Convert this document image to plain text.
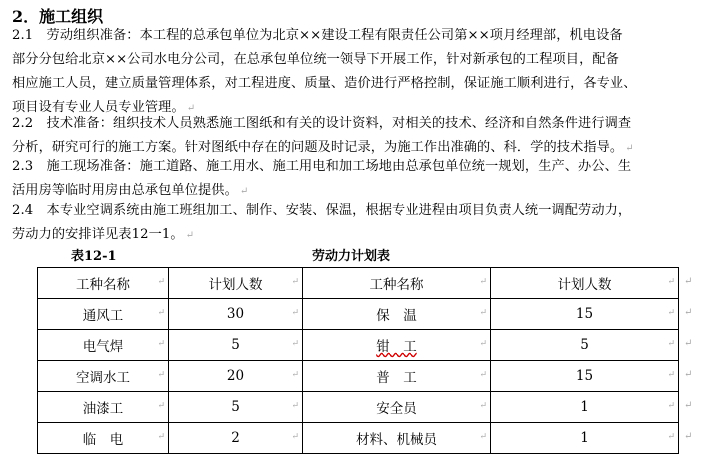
2．施工组织
2.1　劳动组织准备：本工程的总承包单位为北京××建设工程有限责任公司第××项月经理部，机电设备
部分分包给北京××公司水电分公司，在总承包单位统一领导下开展工作，针对新承包的工程项目，配备
相应施工人员，建立质量管理体系，对工程进度、质量、造价进行严格控制，保证施工顺利进行，各专业、
项目设有专业人员专业管理。 ↵
2.2　技术准备：组织技术人员熟悉施工图纸和有关的设计资料，对相关的技术、经济和自然条件进行调查
分析，研究可行的施工方案。针对图纸中存在的问题及时记录，为施工作出准确的、科．学的技术指导。 ↵
2.3　施工现场准备：施工道路、施工用水、施工用电和加工场地由总承包单位统一规划，生产、办公、生
活用房等临时用房由总承包单位提供。 ↵
2.4　本专业空调系统由施工班组加工、制作、安装、保温，根据专业进程由项目负责人统一调配劳动力，
劳动力的安排详见表12一1。 ↵
表12-1	劳动力计划表
工种名称 ↵	计划人数 ↵	工种名称 ↵	计划人数 ↵

通风工 ↵	30 ↵	保　温 ↵	15 ↵

电气焊 ↵	5 ↵	钳　工 ↵	5 ↵

空调水工 ↵	20 ↵	普　工 ↵	15 ↵

油漆工 ↵	5 ↵	安全员 ↵	1 ↵

临　电 ↵	2 ↵	材料、机械员 ↵	1 ↵
↵
↵
↵
↵
↵
↵
